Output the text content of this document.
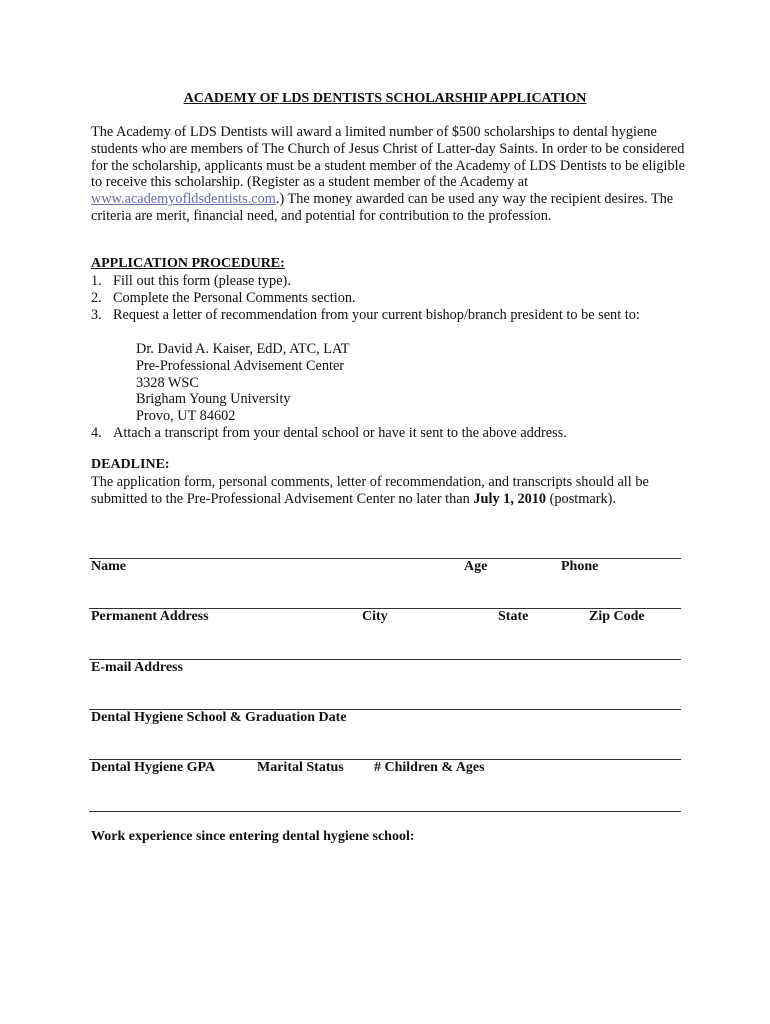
ACADEMY OF LDS DENTISTS SCHOLARSHIP APPLICATION
The Academy of LDS Dentists will award a limited number of $500 scholarships to dental hygiene students who are members of The Church of Jesus Christ of Latter-day Saints. In order to be considered for the scholarship, applicants must be a student member of the Academy of LDS Dentists to be eligible to receive this scholarship. (Register as a student member of the Academy at www.academyofldsdentists.com.) The money awarded can be used any way the recipient desires. The criteria are merit, financial need, and potential for contribution to the profession.
APPLICATION PROCEDURE:
1. Fill out this form (please type).
2. Complete the Personal Comments section.
3. Request a letter of recommendation from your current bishop/branch president to be sent to:
Dr. David A. Kaiser, EdD, ATC, LAT
Pre-Professional Advisement Center
3328 WSC
Brigham Young University
Provo, UT 84602
4. Attach a transcript from your dental school or have it sent to the above address.
DEADLINE:
The application form, personal comments, letter of recommendation, and transcripts should all be submitted to the Pre-Professional Advisement Center no later than July 1, 2010 (postmark).
Name	Age	Phone
Permanent Address	City	State	Zip Code
E-mail Address
Dental Hygiene School & Graduation Date
Dental Hygiene GPA	Marital Status # Children & Ages
Work experience since entering dental hygiene school:
